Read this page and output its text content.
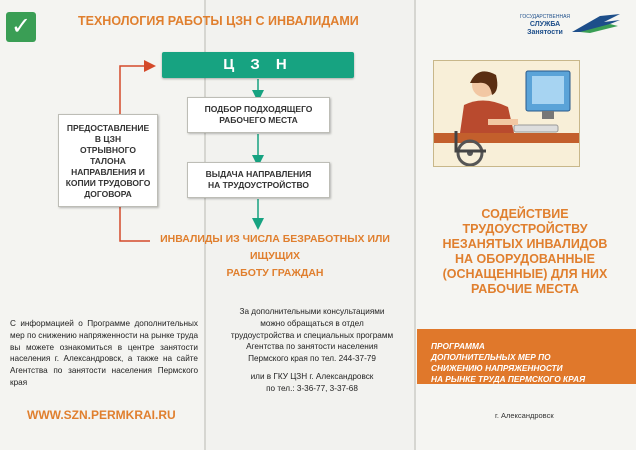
✓	ТЕХНОЛОГИЯ РАБОТЫ ЦЗН С ИНВАЛИДАМИ
Ц З Н
ПОДБОР ПОДХОДЯЩЕГО
РАБОЧЕГО МЕСТА
ВЫДАЧА НАПРАВЛЕНИЯ
НА ТРУДОУСТРОЙСТВО
ПРЕДОСТАВЛЕНИЕ
В ЦЗН
ОТРЫВНОГО
ТАЛОНА
НАПРАВЛЕНИЯ И
КОПИИ ТРУДОВОГО
ДОГОВОРА
ИНВАЛИДЫ ИЗ ЧИСЛА БЕЗРАБОТНЫХ ИЛИ ИЩУЩИХ
РАБОТУ ГРАЖДАН
С информацией о Программе дополнительных мер по снижению напряженности на рынке труда вы можете ознакомиться в центре занятости населения г. Александровск, а также на сайте Агентства по занятости населения Пермского края
WWW.SZN.PERMKRAI.RU
За дополнительными консультациями
можно обращаться в отдел
трудоустройства и специальных программ
Агентства по занятости населения
Пермского края по тел. 244-37-79
или в ГКУ ЦЗН г. Александровск
по тел.: 3-36-77, 3-37-68
ГОСУДАРСТВЕННАЯ
СЛУЖБА
Занятости
СОДЕЙСТВИЕ
ТРУДОУСТРОЙСТВУ
НЕЗАНЯТЫХ ИНВАЛИДОВ
НА ОБОРУДОВАННЫЕ
(ОСНАЩЕННЫЕ) ДЛЯ НИХ
РАБОЧИЕ МЕСТА
ПРОГРАММА
ДОПОЛНИТЕЛЬНЫХ МЕР ПО
СНИЖЕНИЮ НАПРЯЖЕННОСТИ
НА РЫНКЕ ТРУДА ПЕРМСКОГО КРАЯ
г. Александровск
